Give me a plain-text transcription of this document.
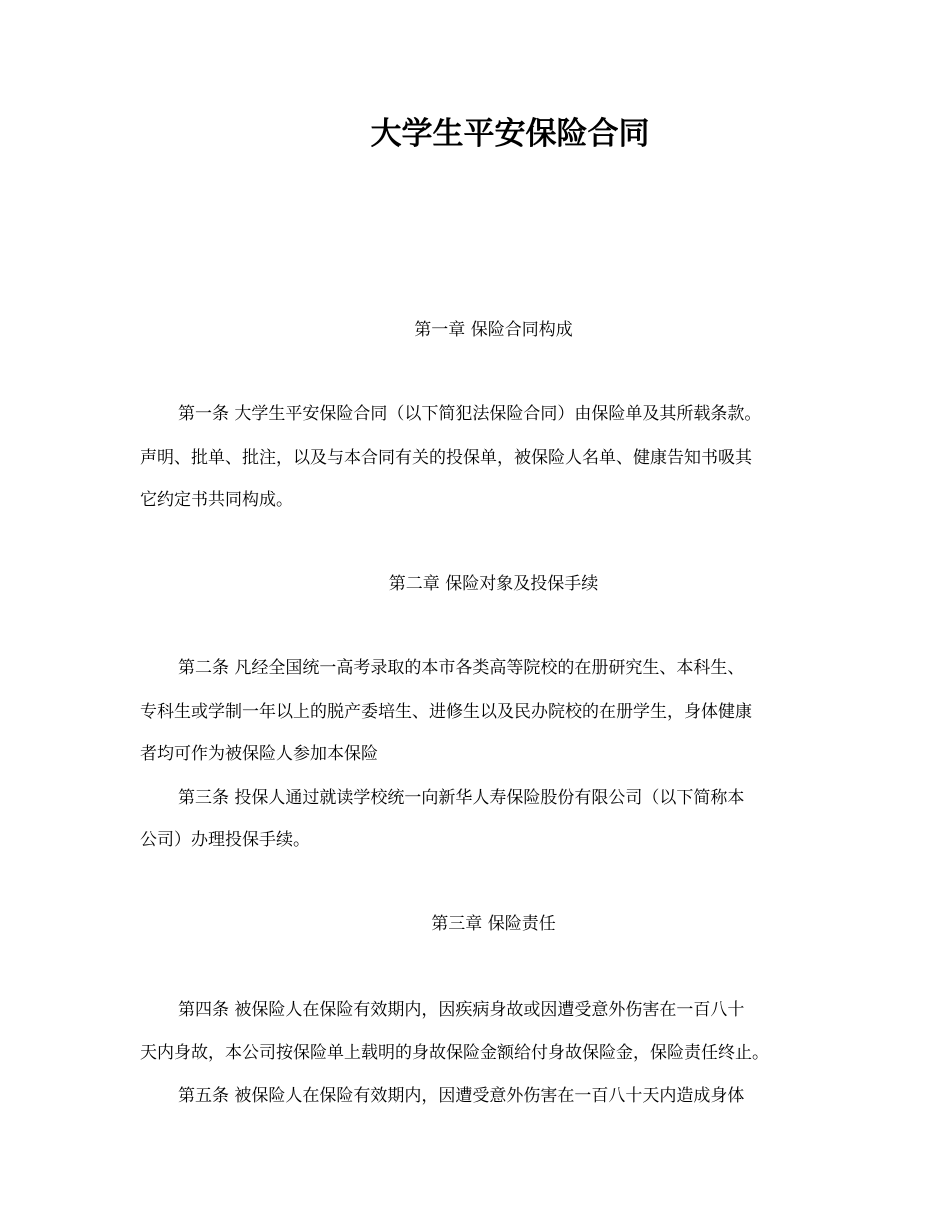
大学生平安保险合同

第一章 保险合同构成

第一条 大学生平安保险合同（以下简犯法保险合同）由保险单及其所载条款。

声明、批单、批注，以及与本合同有关的投保单，被保险人名单、健康告知书吸其

它约定书共同构成。

第二章 保险对象及投保手续

第二条 凡经全国统一高考录取的本市各类高等院校的在册研究生、本科生、

专科生或学制一年以上的脱产委培生、进修生以及民办院校的在册学生，身体健康

者均可作为被保险人参加本保险

第三条 投保人通过就读学校统一向新华人寿保险股份有限公司（以下简称本

公司）办理投保手续。

第三章 保险责任

第四条 被保险人在保险有效期内，因疾病身故或因遭受意外伤害在一百八十

天内身故，本公司按保险单上载明的身故保险金额给付身故保险金，保险责任终止。

第五条 被保险人在保险有效期内，因遭受意外伤害在一百八十天内造成身体
